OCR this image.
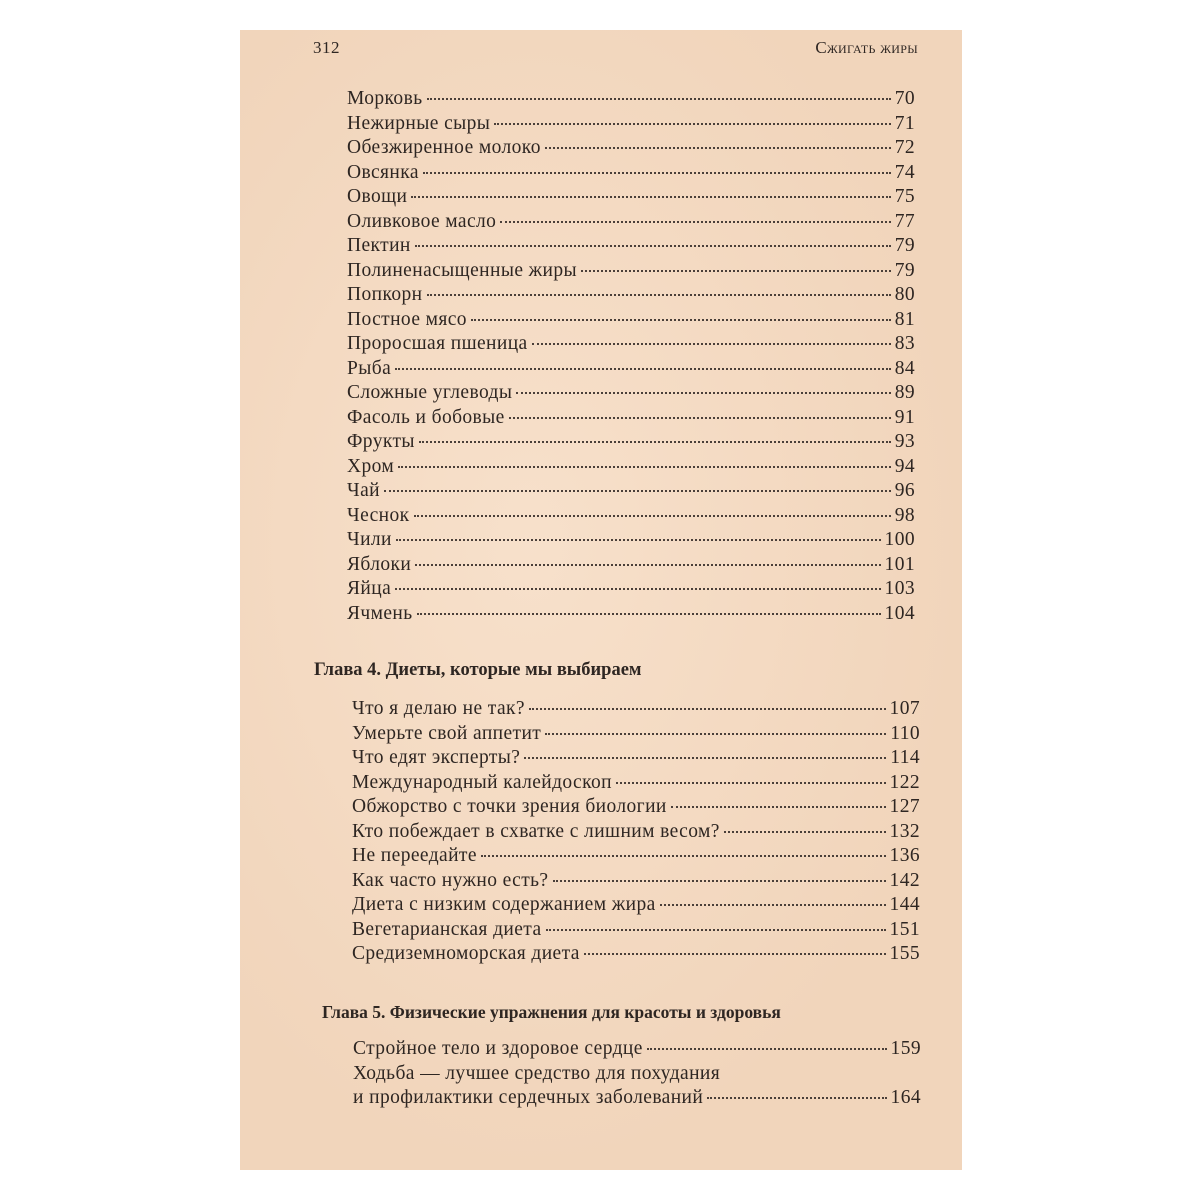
312	Сжигать жиры
Морковь	70
Нежирные сыры	71
Обезжиренное молоко	72
Овсянка	74
Овощи	75
Оливковое масло	77
Пектин	79
Полиненасыщенные жиры	79
Попкорн	80
Постное мясо	81
Проросшая пшеница	83
Рыба	84
Сложные углеводы	89
Фасоль и бобовые	91
Фрукты	93
Хром	94
Чай	96
Чеснок	98
Чили	100
Яблоки	101
Яйца	103
Ячмень	104
Глава 4. Диеты, которые мы выбираем
Что я делаю не так?	107
Умерьте свой аппетит	110
Что едят эксперты?	114
Международный калейдоскоп	122
Обжорство с точки зрения биологии	127
Кто побеждает в схватке с лишним весом?	132
Не переедайте	136
Как часто нужно есть?	142
Диета с низким содержанием жира	144
Вегетарианская диета	151
Средиземноморская диета	155
Глава 5. Физические упражнения для красоты и здоровья
Стройное тело и здоровое сердце	159
Ходьба — лучшее средство для похудания
и профилактики сердечных заболеваний	164
